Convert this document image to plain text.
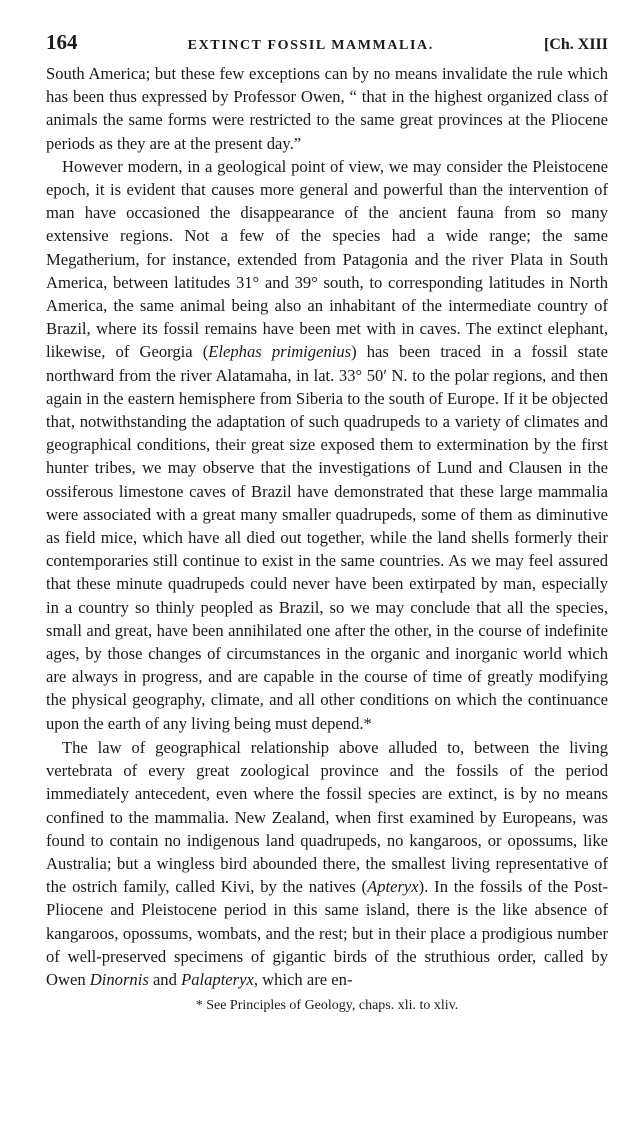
164	EXTINCT FOSSIL MAMMALIA.	[Ch. XIII

South America; but these few exceptions can by no means invalidate the rule which has been thus expressed by Professor Owen, “ that in the highest organized class of animals the same forms were restricted to the same great provinces at the Pliocene periods as they are at the present day.”

However modern, in a geological point of view, we may consider the Pleistocene epoch, it is evident that causes more general and powerful than the intervention of man have occasioned the disappearance of the ancient fauna from so many extensive regions. Not a few of the species had a wide range; the same Megatherium, for instance, extended from Patagonia and the river Plata in South America, between latitudes 31° and 39° south, to corresponding latitudes in North America, the same animal being also an inhabitant of the intermediate country of Brazil, where its fossil remains have been met with in caves. The extinct elephant, likewise, of Georgia (Elephas primigenius) has been traced in a fossil state northward from the river Alatamaha, in lat. 33° 50′ N. to the polar regions, and then again in the eastern hemisphere from Siberia to the south of Europe. If it be objected that, notwithstanding the adaptation of such quadrupeds to a variety of climates and geographical conditions, their great size exposed them to extermination by the first hunter tribes, we may observe that the investigations of Lund and Clausen in the ossiferous limestone caves of Brazil have demonstrated that these large mammalia were associated with a great many smaller quadrupeds, some of them as diminutive as field mice, which have all died out together, while the land shells formerly their contemporaries still continue to exist in the same countries. As we may feel assured that these minute quadrupeds could never have been extirpated by man, especially in a country so thinly peopled as Brazil, so we may conclude that all the species, small and great, have been annihilated one after the other, in the course of indefinite ages, by those changes of circumstances in the organic and inorganic world which are always in progress, and are capable in the course of time of greatly modifying the physical geography, climate, and all other conditions on which the continuance upon the earth of any living being must depend.*

The law of geographical relationship above alluded to, between the living vertebrata of every great zoological province and the fossils of the period immediately antecedent, even where the fossil species are extinct, is by no means confined to the mammalia. New Zealand, when first examined by Europeans, was found to contain no indigenous land quadrupeds, no kangaroos, or opossums, like Australia; but a wingless bird abounded there, the smallest living representative of the ostrich family, called Kivi, by the natives (Apteryx). In the fossils of the Post-Pliocene and Pleistocene period in this same island, there is the like absence of kangaroos, opossums, wombats, and the rest; but in their place a prodigious number of well-preserved specimens of gigantic birds of the struthious order, called by Owen Dinornis and Palapteryx, which are en-

* See Principles of Geology, chaps. xli. to xliv.
